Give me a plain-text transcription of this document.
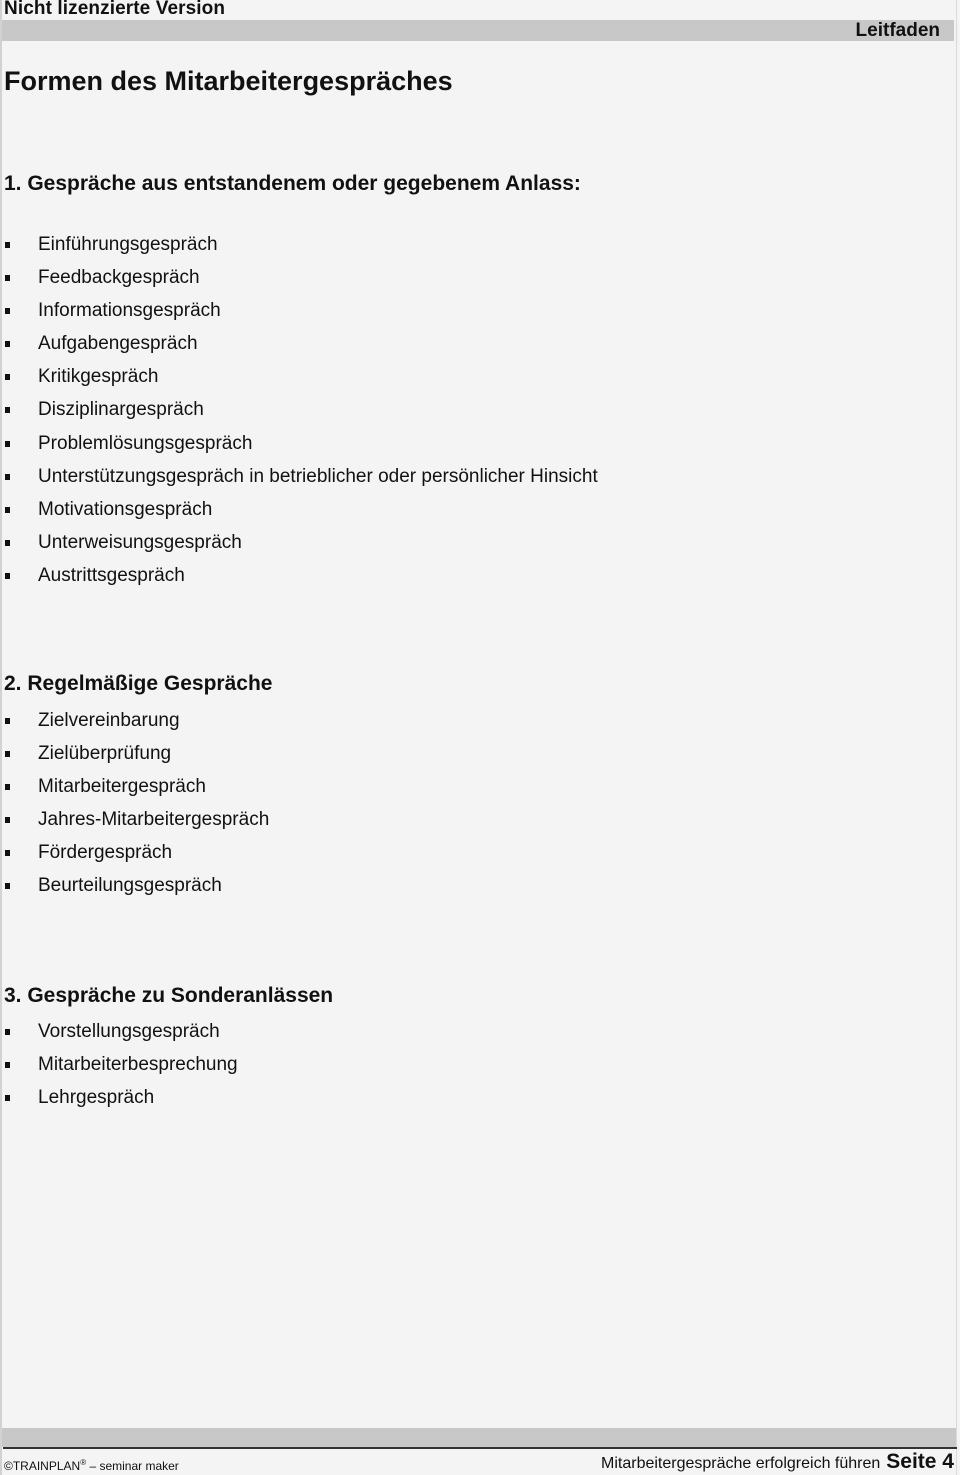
Nicht lizenzierte Version
Leitfaden
Formen des Mitarbeitergespräches
1. Gespräche aus entstandenem oder gegebenem Anlass:
Einführungsgespräch
Feedbackgespräch
Informationsgespräch
Aufgabengespräch
Kritikgespräch
Disziplinargespräch
Problemlösungsgespräch
Unterstützungsgespräch in betrieblicher oder persönlicher Hinsicht
Motivationsgespräch
Unterweisungsgespräch
Austrittsgespräch
2. Regelmäßige Gespräche
Zielvereinbarung
Zielüberprüfung
Mitarbeitergespräch
Jahres-Mitarbeitergespräch
Fördergespräch
Beurteilungsgespräch
3. Gespräche zu Sonderanlässen
Vorstellungsgespräch
Mitarbeiterbesprechung
Lehrgespräch
©TRAINPLAN® – seminar maker	Mitarbeitergespräche erfolgreich führen Seite 4
